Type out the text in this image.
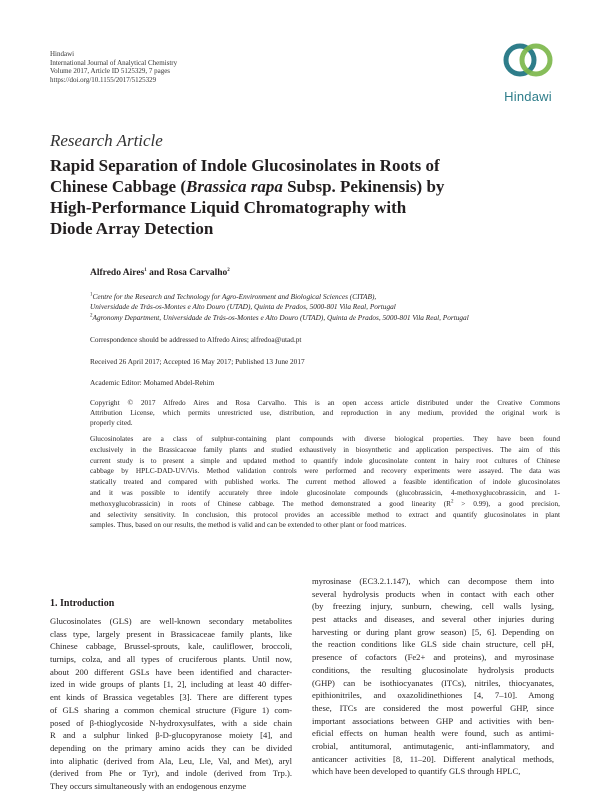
Hindawi
International Journal of Analytical Chemistry
Volume 2017, Article ID 5125329, 7 pages
https://doi.org/10.1155/2017/5125329
Hindawi
Research Article
Rapid Separation of Indole Glucosinolates in Roots of
Chinese Cabbage (Brassica rapa Subsp. Pekinensis) by
High-Performance Liquid Chromatography with
Diode Array Detection
Alfredo Aires$^1$ and Rosa Carvalho$^2$
$^1$Centre for the Research and Technology for Agro-Environment and Biological Sciences (CITAB),
Universidade de Trás-os-Montes e Alto Douro (UTAD), Quinta de Prados, 5000-801 Vila Real, Portugal
$^2$Agronomy Department, Universidade de Trás-os-Montes e Alto Douro (UTAD), Quinta de Prados, 5000-801 Vila Real, Portugal
Correspondence should be addressed to Alfredo Aires; alfredoa@utad.pt
Received 26 April 2017; Accepted 16 May 2017; Published 13 June 2017
Academic Editor: Mohamed Abdel-Rehim
Copyright © 2017 Alfredo Aires and Rosa Carvalho. This is an open access article distributed under the Creative Commons
Attribution License, which permits unrestricted use, distribution, and reproduction in any medium, provided the original work is
properly cited.
Glucosinolates are a class of sulphur-containing plant compounds with diverse biological properties. They have been found
exclusively in the Brassicaceae family plants and studied exhaustively in biosynthetic and application perspectives. The aim of this
current study is to present a simple and updated method to quantify indole glucosinolate content in hairy root cultures of Chinese
cabbage by HPLC-DAD-UV/Vis. Method validation controls were performed and recovery experiments were assayed. The data was
statically treated and compared with published works. The current method allowed a feasible identification of indole glucosinolates
and it was possible to identify accurately three indole glucosinolate compounds (glucobrassicin, 4-methoxyglucobrassicin, and 1-
methoxyglucobrassicin) in roots of Chinese cabbage. The method demonstrated a good linearity $(R^2 > 0.99)$, a good precision,
and selectivity sensitivity. In conclusion, this protocol provides an accessible method to extract and quantify glucosinolates in plant
samples. Thus, based on our results, the method is valid and can be extended to other plant or food matrices.
1. Introduction
Glucosinolates (GLS) are well-known secondary metabolites
class type, largely present in Brassicaceae family plants, like
Chinese cabbage, Brussel-sprouts, kale, cauliflower, broccoli,
turnips, colza, and all types of cruciferous plants. Until now,
about 200 different GSLs have been identified and character-
ized in wide groups of plants [1, 2], including at least 40 differ-
ent kinds of Brassica vegetables [3]. There are different types
of GLS sharing a common chemical structure (Figure 1) com-
posed of β-thioglycoside N-hydroxysulfates, with a side chain
R and a sulphur linked β-D-glucopyranose moiety [4], and
depending on the primary amino acids they can be divided
into aliphatic (derived from Ala, Leu, Lle, Val, and Met), aryl
(derived from Phe or Tyr), and indole (derived from Trp.).
They occurs simultaneously with an endogenous enzyme
myrosinase (EC3.2.1.147), which can decompose them into
several hydrolysis products when in contact with each other
(by freezing injury, sunburn, chewing, cell walls lysing,
pest attacks and diseases, and several other injuries during
harvesting or during plant grow season) [5, 6]. Depending on
the reaction conditions like GLS side chain structure, cell pH,
presence of cofactors (Fe2+ and proteins), and myrosinase
conditions, the resulting glucosinolate hydrolysis products
(GHP) can be isothiocyanates (ITCs), nitriles, thiocyanates,
epithionitriles, and oxazolidinethiones [4, 7–10]. Among
these, ITCs are considered the most powerful GHP, since
important associations between GHP and activities with ben-
eficial effects on human health were found, such as antimi-
crobial, antitumoral, antimutagenic, anti-inflammatory, and
anticancer activities [8, 11–20]. Different analytical methods,
which have been developed to quantify GLS through HPLC,
